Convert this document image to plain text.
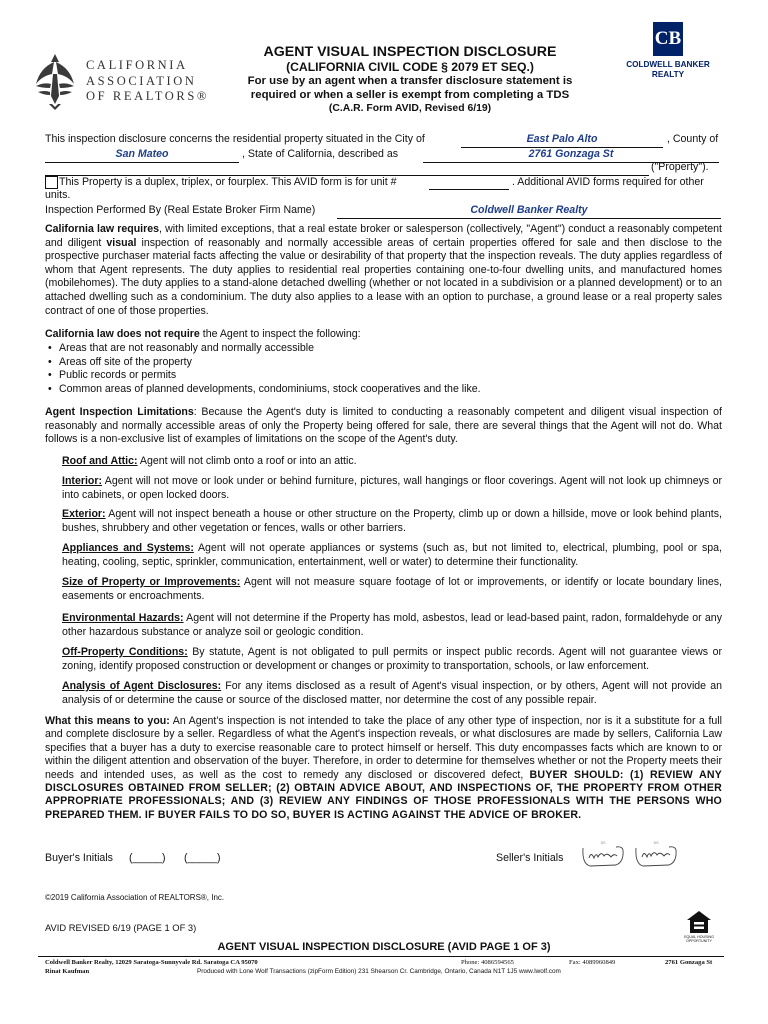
CALIFORNIA
ASSOCIATION
OF REALTORS®
AGENT VISUAL INSPECTION DISCLOSURE
(CALIFORNIA CIVIL CODE § 2079 ET SEQ.)
For use by an agent when a transfer disclosure statement is
required or when a seller is exempt from completing a TDS
(C.A.R. Form AVID, Revised 6/19)
CB
COLDWELL BANKER
REALTY
This inspection disclosure concerns the residential property situated in the City of	East Palo Alto	, County of
San Mateo	, State of California, described as	2761 Gonzaga St
("Property").
This Property is a duplex, triplex, or fourplex. This AVID form is for unit #	. Additional AVID forms required for other
units.
Inspection Performed By (Real Estate Broker Firm Name)	Coldwell Banker Realty
California law requires, with limited exceptions, that a real estate broker or salesperson (collectively, "Agent") conduct a reasonably competent and diligent visual inspection of reasonably and normally accessible areas of certain properties offered for sale and then disclose to the prospective purchaser material facts affecting the value or desirability of that property that the inspection reveals. The duty applies regardless of whom that Agent represents. The duty applies to residential real properties containing one-to-four dwelling units, and manufactured homes (mobilehomes). The duty applies to a stand-alone detached dwelling (whether or not located in a subdivision or a planned development) or to an attached dwelling such as a condominium. The duty also applies to a lease with an option to purchase, a ground lease or a real property sales contract of one of those properties.
California law does not require the Agent to inspect the following:
• Areas that are not reasonably and normally accessible
• Areas off site of the property
• Public records or permits
• Common areas of planned developments, condominiums, stock cooperatives and the like.
Agent Inspection Limitations: Because the Agent's duty is limited to conducting a reasonably competent and diligent visual inspection of reasonably and normally accessible areas of only the Property being offered for sale, there are several things that the Agent will not do. What follows is a non-exclusive list of examples of limitations on the scope of the Agent's duty.
Roof and Attic: Agent will not climb onto a roof or into an attic.
Interior: Agent will not move or look under or behind furniture, pictures, wall hangings or floor coverings. Agent will not look up chimneys or into cabinets, or open locked doors.
Exterior: Agent will not inspect beneath a house or other structure on the Property, climb up or down a hillside, move or look behind plants, bushes, shrubbery and other vegetation or fences, walls or other barriers.
Appliances and Systems: Agent will not operate appliances or systems (such as, but not limited to, electrical, plumbing, pool or spa, heating, cooling, septic, sprinkler, communication, entertainment, well or water) to determine their functionality.
Size of Property or Improvements: Agent will not measure square footage of lot or improvements, or identify or locate boundary lines, easements or encroachments.
Environmental Hazards: Agent will not determine if the Property has mold, asbestos, lead or lead-based paint, radon, formaldehyde or any other hazardous substance or analyze soil or geologic condition.
Off-Property Conditions: By statute, Agent is not obligated to pull permits or inspect public records. Agent will not guarantee views or zoning, identify proposed construction or development or changes or proximity to transportation, schools, or law enforcement.
Analysis of Agent Disclosures: For any items disclosed as a result of Agent's visual inspection, or by others, Agent will not provide an analysis of or determine the cause or source of the disclosed matter, nor determine the cost of any possible repair.
What this means to you: An Agent's inspection is not intended to take the place of any other type of inspection, nor is it a substitute for a full and complete disclosure by a seller. Regardless of what the Agent's inspection reveals, or what disclosures are made by sellers, California Law specifies that a buyer has a duty to exercise reasonable care to protect himself or herself. This duty encompasses facts which are known to or within the diligent attention and observation of the buyer. Therefore, in order to determine for themselves whether or not the Property meets their needs and intended uses, as well as the cost to remedy any disclosed or discovered defect, BUYER SHOULD: (1) REVIEW ANY DISCLOSURES OBTAINED FROM SELLER; (2) OBTAIN ADVICE ABOUT, AND INSPECTIONS OF, THE PROPERTY FROM OTHER APPROPRIATE PROFESSIONALS; AND (3) REVIEW ANY FINDINGS OF THOSE PROFESSIONALS WITH THE PERSONS WHO PREPARED THEM. IF BUYER FAILS TO DO SO, BUYER IS ACTING AGAINST THE ADVICE OF BROKER.
Buyer's Initials (_____) (_____)	Seller's Initials
DS	DS
©2019 California Association of REALTORS®, Inc.
AVID REVISED 6/19 (PAGE 1 OF 3)
EQUAL HOUSING OPPORTUNITY
AGENT VISUAL INSPECTION DISCLOSURE (AVID PAGE 1 OF 3)
Coldwell Banker Realty, 12029 Saratoga-Sunnyvale Rd. Saratoga CA 95070	Phone: 4086594565	Fax: 4089960849	2761 Gonzaga St
Rinat Kaufman	Produced with Lone Wolf Transactions (zipForm Edition) 231 Shearson Cr. Cambridge, Ontario, Canada N1T 1J5 www.lwolf.com
